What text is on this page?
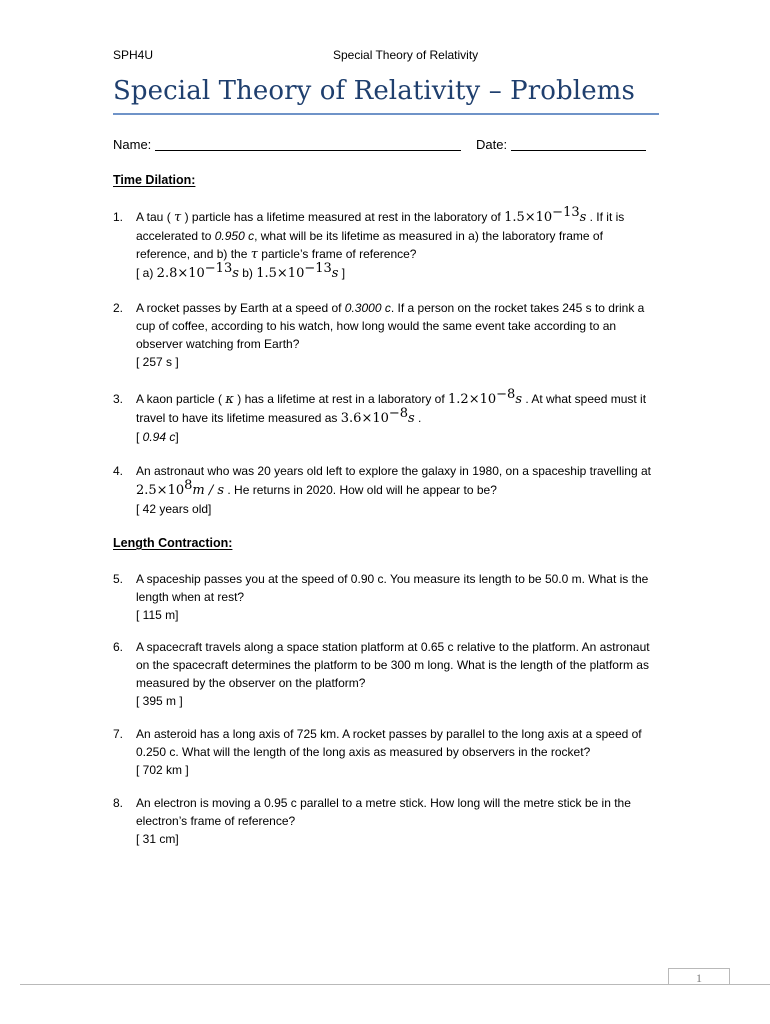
SPH4U	Special Theory of Relativity
Special Theory of Relativity – Problems
Name:	Date:
Time Dilation:
1. A tau ( τ ) particle has a lifetime measured at rest in the laboratory of $1.5\times 10^{-13}s$ . If it is accelerated to 0.950 c, what will be its lifetime as measured in a) the laboratory frame of reference, and b) the τ particle’s frame of reference?
[ a) $2.8\times 10^{-13}s$ b) $1.5\times 10^{-13}s$ ]
2. A rocket passes by Earth at a speed of 0.3000 c. If a person on the rocket takes 245 s to drink a cup of coffee, according to his watch, how long would the same event take according to an observer watching from Earth?
[ 257 s ]
3. A kaon particle ( κ ) has a lifetime at rest in a laboratory of $1.2\times 10^{-8}s$ . At what speed must it travel to have its lifetime measured as $3.6\times 10^{-8}s$ .
[ 0.94 c]
4. An astronaut who was 20 years old left to explore the galaxy in 1980, on a spaceship travelling at $2.5\times 10^8m / s$ . He returns in 2020. How old will he appear to be?
[ 42 years old]
Length Contraction:
5. A spaceship passes you at the speed of 0.90 c. You measure its length to be 50.0 m. What is the length when at rest?
[ 115 m]
6. A spacecraft travels along a space station platform at 0.65 c relative to the platform. An astronaut on the spacecraft determines the platform to be 300 m long. What is the length of the platform as measured by the observer on the platform?
[ 395 m ]
7. An asteroid has a long axis of 725 km. A rocket passes by parallel to the long axis at a speed of 0.250 c. What will the length of the long axis as measured by observers in the rocket?
[ 702 km ]
8. An electron is moving a 0.95 c parallel to a metre stick. How long will the metre stick be in the electron’s frame of reference?
[ 31 cm]
1
